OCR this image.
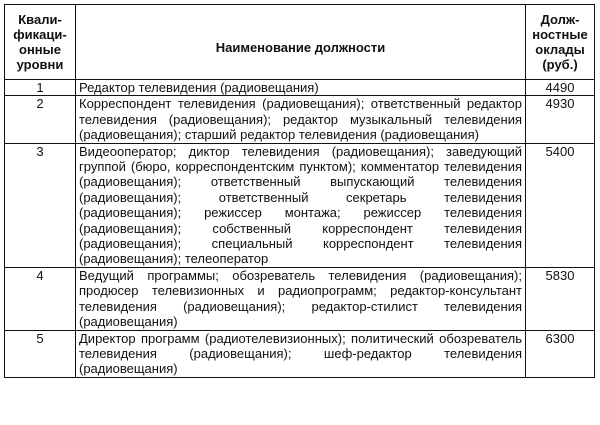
Квали-
фикаци-
онные
уровни	Наименование должности	Долж-
ностные
оклады
(руб.)
1	Редактор телевидения (радиовещания)	4490
2	Корреспондент телевидения (радиовещания); ответственный редактор телевидения (радиовещания); редактор музыкальный телевидения (радиовещания); старший редактор телевидения (радиовещания)	4930
3	Видеооператор; диктор телевидения (радиовещания); заведующий группой (бюро, корреспондентским пунктом); комментатор телевидения (радиовещания); ответственный выпускающий телевидения (радиовещания); ответственный секретарь телевидения (радиовещания); режиссер монтажа; режиссер телевидения (радиовещания); собственный корреспондент телевидения (радиовещания); специальный корреспондент телевидения (радиовещания); телеоператор	5400
4	Ведущий программы; обозреватель телевидения (радиовещания); продюсер телевизионных и радиопрограмм; редактор-консультант телевидения (радиовещания); редактор-стилист телевидения (радиовещания)	5830
5	Директор программ (радиотелевизионных); политический обозреватель телевидения (радиовещания); шеф-редактор телевидения (радиовещания)	6300
